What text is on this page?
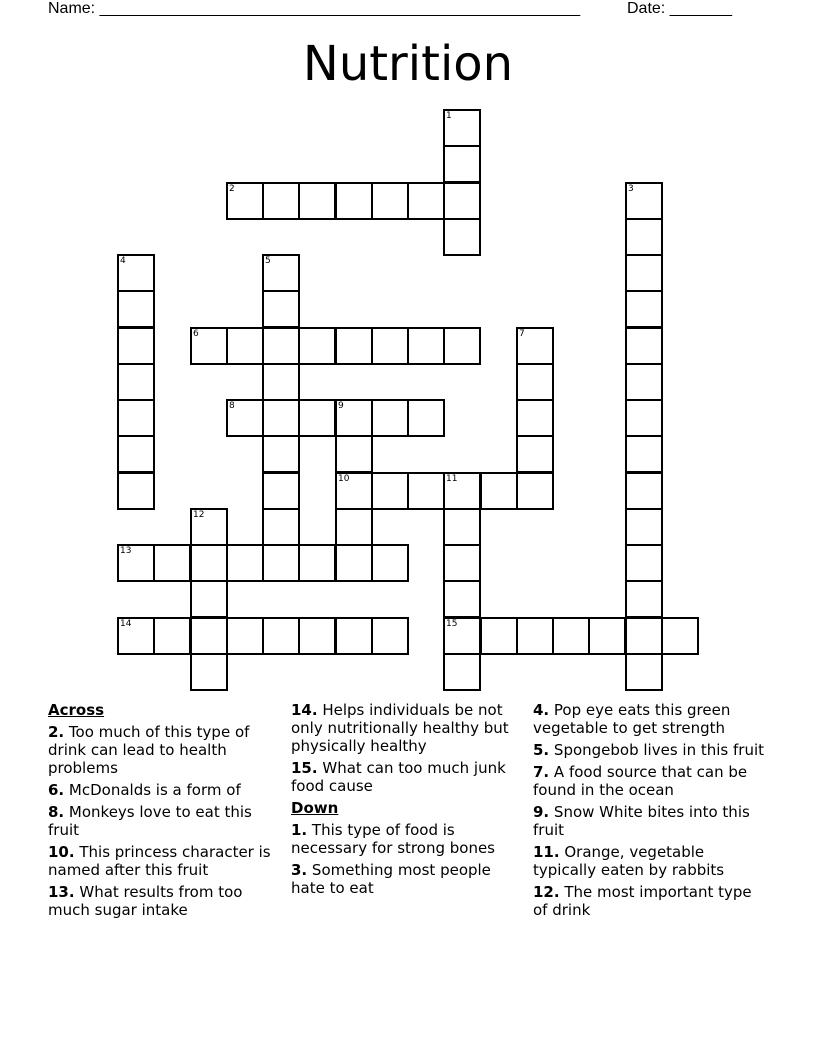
Name: ______________________________________________________	Date: _______
Nutrition
1
2	3
4	5
6	7
8	9
10	11
15
12
13
14
Across
2. Too much of this type of drink can lead to health problems
6. McDonalds is a form of
8. Monkeys love to eat this fruit
10. This princess character is named after this fruit
13. What results from too much sugar intake
14. Helps individuals be not only nutritionally healthy but physically healthy
15. What can too much junk food cause
Down
1. This type of food is necessary for strong bones
3. Something most people hate to eat
4. Pop eye eats this green vegetable to get strength
5. Spongebob lives in this fruit
7. A food source that can be found in the ocean
9. Snow White bites into this fruit
11. Orange, vegetable typically eaten by rabbits
12. The most important type of drink
